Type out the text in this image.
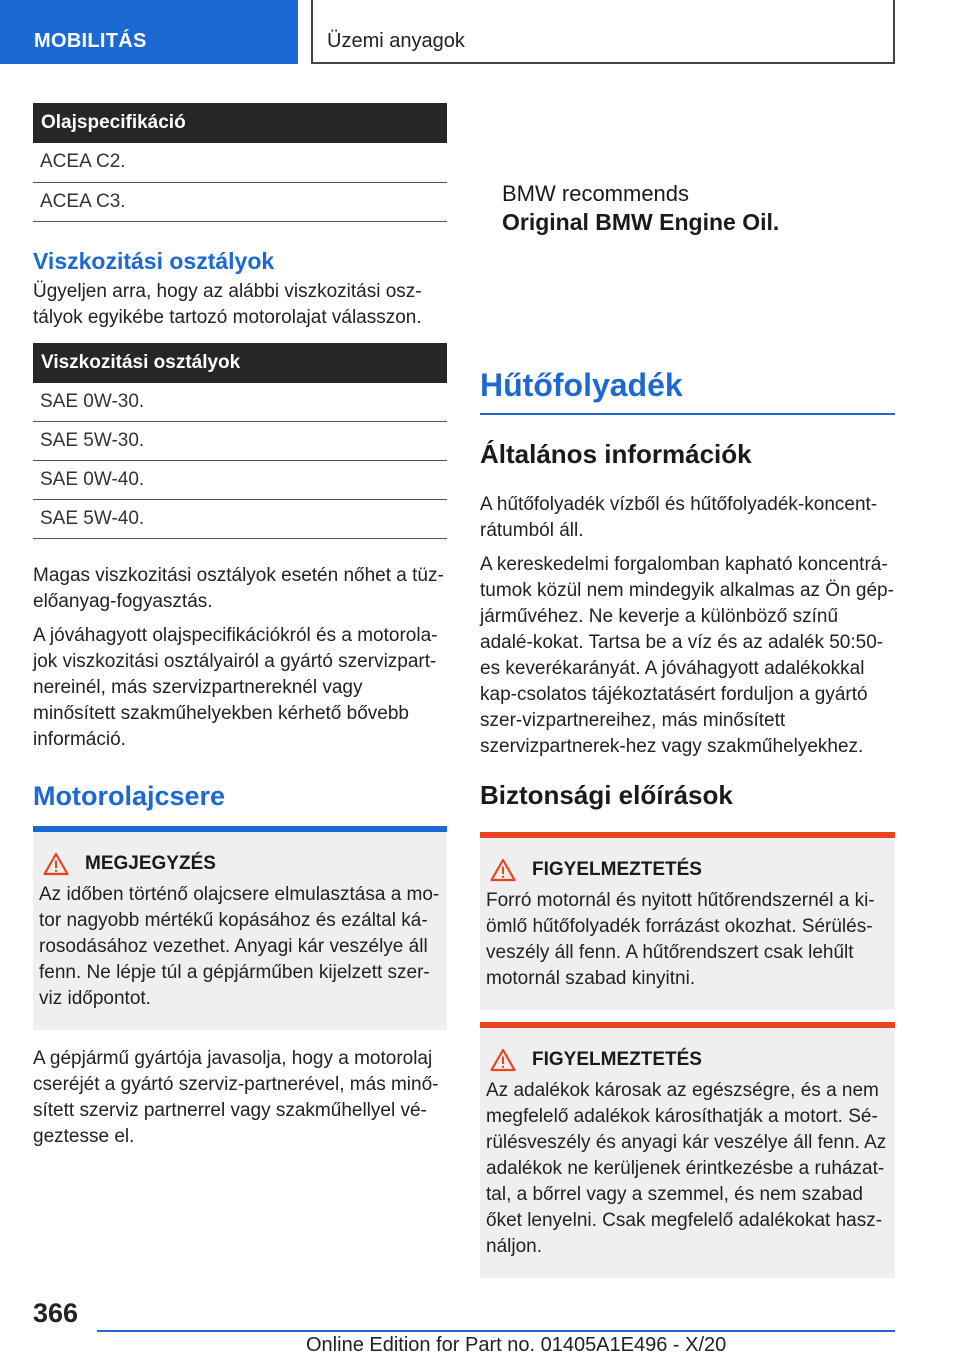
MOBILITÁS	Üzemi anyagok
Olajspecifikáció
ACEA C2.
ACEA C3.
Viszkozitási osztályok

Ügyeljen arra, hogy az alábbi viszkozitási osz-tályok egyikébe tartozó motorolajat válasszon.

Viszkozitási osztályok
SAE 0W-30.
SAE 5W-30.
SAE 0W-40.
SAE 5W-40.

Magas viszkozitási osztályok esetén nőhet a tüz-előanyag-fogyasztás.

A jóváhagyott olajspecifikációkról és a motorola-jok viszkozitási osztályairól a gyártó szervizpart-nereinél, más szervizpartnereknél vagy minősített szakműhelyekben kérhető bővebb információ.

Motorolajcsere
MEGJEGYZÉS

Az időben történő olajcsere elmulasztása a mo-tor nagyobb mértékű kopásához és ezáltal ká-rosodásához vezethet. Anyagi kár veszélye áll fenn. Ne lépje túl a gépjárműben kijelzett szer-viz időpontot.

A gépjármű gyártója javasolja, hogy a motorolaj cseréjét a gyártó szerviz-partnerével, más minő-sített szerviz partnerrel vagy szakműhellyel vé-geztesse el.

BMW recommends
Original BMW Engine Oil.
Hűtőfolyadék
Általános információk

A hűtőfolyadék vízből és hűtőfolyadék-koncent-rátumból áll.

A kereskedelmi forgalomban kapható koncentrá-tumok közül nem mindegyik alkalmas az Ön gép-járművéhez. Ne keverje a különböző színű adalé-kokat. Tartsa be a víz és az adalék 50:50-es keverékarányát. A jóváhagyott adalékokkal kap-csolatos tájékoztatásért forduljon a gyártó szer-vizpartnereihez, más minősített szervizpartnerek-hez vagy szakműhelyekhez.

Biztonsági előírások
FIGYELMEZTETÉS

Forró motornál és nyitott hűtőrendszernél a ki-ömlő hűtőfolyadék forrázást okozhat. Sérülés-veszély áll fenn. A hűtőrendszert csak lehűlt motornál szabad kinyitni.

FIGYELMEZTETÉS

Az adalékok károsak az egészségre, és a nem megfelelő adalékok károsíthatják a motort. Sé-rülésveszély és anyagi kár veszélye áll fenn. Az adalékok ne kerüljenek érintkezésbe a ruházat-tal, a bőrrel vagy a szemmel, és nem szabad őket lenyelni. Csak megfelelő adalékokat hasz-náljon.

366
Online Edition for Part no. 01405A1E496 - X/20
